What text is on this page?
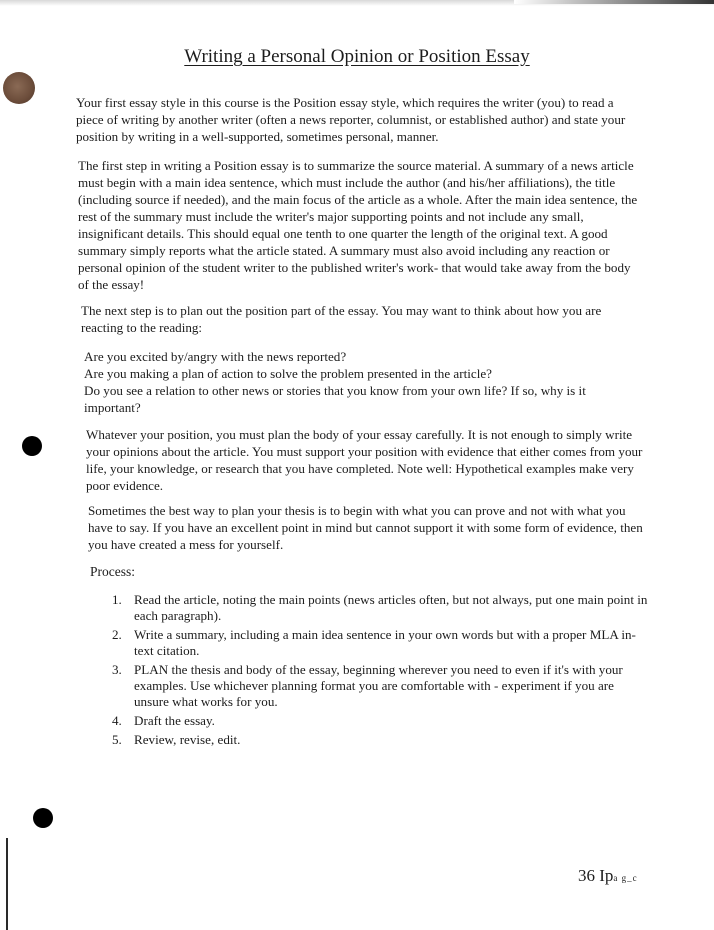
Writing a Personal Opinion or Position Essay

Your first essay style in this course is the Position essay style, which requires the writer (you) to read a piece of writing by another writer (often a news reporter, columnist, or established author) and state your position by writing in a well-supported, sometimes personal, manner.

The first step in writing a Position essay is to summarize the source material. A summary of a news article must begin with a main idea sentence, which must include the author (and his/her affiliations), the title (including source if needed), and the main focus of the article as a whole. After the main idea sentence, the rest of the summary must include the writer's major supporting points and not include any small, insignificant details. This should equal one tenth to one quarter the length of the original text. A good summary simply reports what the article stated. A summary must also avoid including any reaction or personal opinion of the student writer to the published writer's work- that would take away from the body of the essay!

The next step is to plan out the position part of the essay. You may want to think about how you are reacting to the reading:

Are you excited by/angry with the news reported?
Are you making a plan of action to solve the problem presented in the article?
Do you see a relation to other news or stories that you know from your own life? If so, why is it important?

Whatever your position, you must plan the body of your essay carefully. It is not enough to simply write your opinions about the article. You must support your position with evidence that either comes from your life, your knowledge, or research that you have completed. Note well: Hypothetical examples make very poor evidence.

Sometimes the best way to plan your thesis is to begin with what you can prove and not with what you have to say. If you have an excellent point in mind but cannot support it with some form of evidence, then you have created a mess for yourself.

Process:
1. Read the article, noting the main points (news articles often, but not always, put one main point in each paragraph).
2. Write a summary, including a main idea sentence in your own words but with a proper MLA in-text citation.
3. PLAN the thesis and body of the essay, beginning wherever you need to even if it's with your examples. Use whichever planning format you are comfortable with - experiment if you are unsure what works for you.
4. Draft the essay.
5. Review, revise, edit.
36 Ipa g_c
